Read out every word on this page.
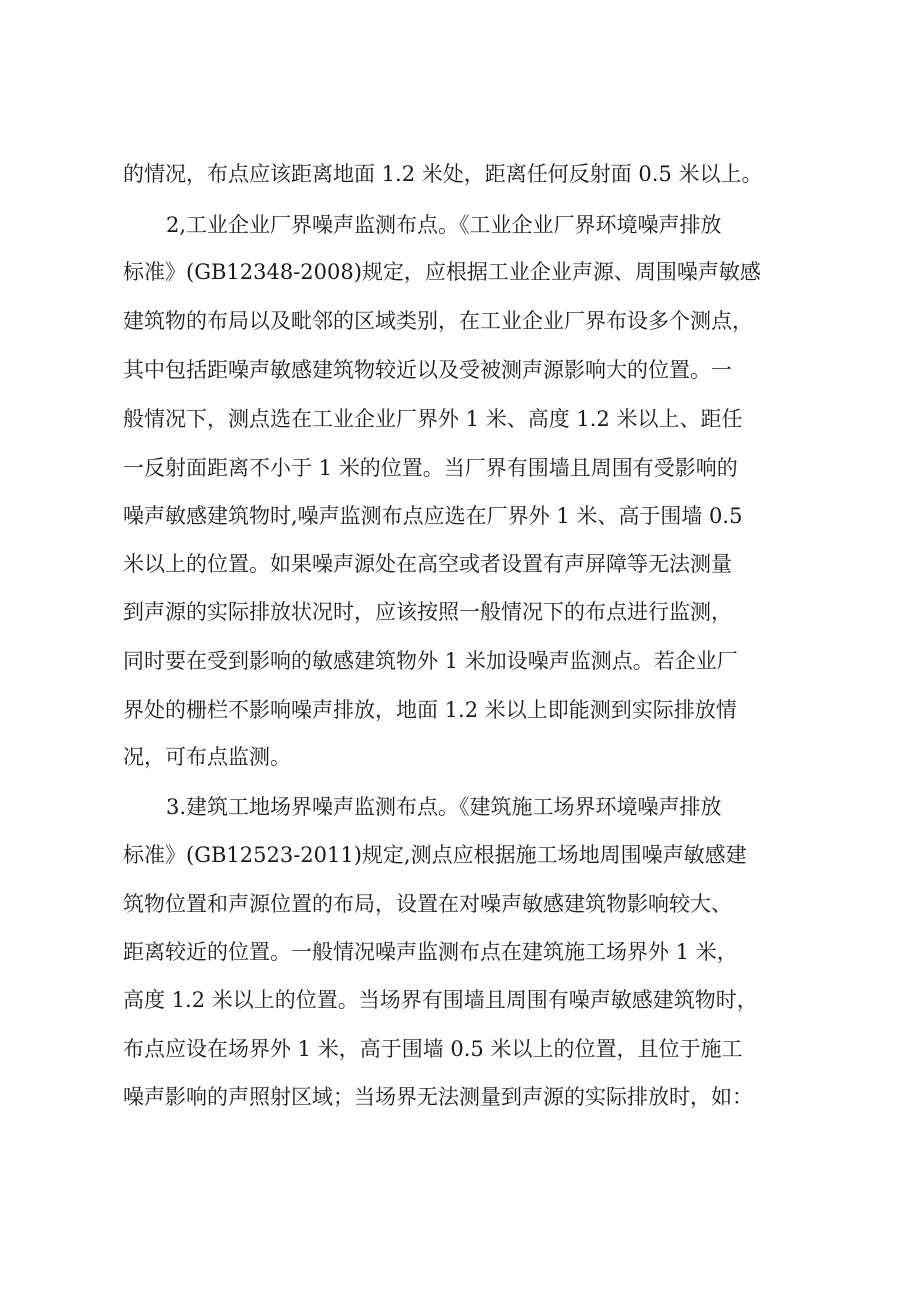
的情况，布点应该距离地面 1.2 米处，距离任何反射面 0.5 米以上。
2,工业企业厂界噪声监测布点。《工业企业厂界环境噪声排放
标准》(GB12348-2008)规定，应根据工业企业声源、周围噪声敏感
建筑物的布局以及毗邻的区域类别，在工业企业厂界布设多个测点，
其中包括距噪声敏感建筑物较近以及受被测声源影响大的位置。一
般情况下，测点选在工业企业厂界外 1 米、高度 1.2 米以上、距任
一反射面距离不小于 1 米的位置。当厂界有围墙且周围有受影响的
噪声敏感建筑物时,噪声监测布点应选在厂界外 1 米、高于围墙 0.5
米以上的位置。如果噪声源处在高空或者设置有声屏障等无法测量
到声源的实际排放状况时，应该按照一般情况下的布点进行监测，
同时要在受到影响的敏感建筑物外 1 米加设噪声监测点。若企业厂
界处的栅栏不影响噪声排放，地面 1.2 米以上即能测到实际排放情
况，可布点监测。
3.建筑工地场界噪声监测布点。《建筑施工场界环境噪声排放
标准》(GB12523-2011)规定,测点应根据施工场地周围噪声敏感建
筑物位置和声源位置的布局，设置在对噪声敏感建筑物影响较大、
距离较近的位置。一般情况噪声监测布点在建筑施工场界外 1 米，
高度 1.2 米以上的位置。当场界有围墙且周围有噪声敏感建筑物时，
布点应设在场界外 1 米，高于围墙 0.5 米以上的位置，且位于施工
噪声影响的声照射区域；当场界无法测量到声源的实际排放时，如：
